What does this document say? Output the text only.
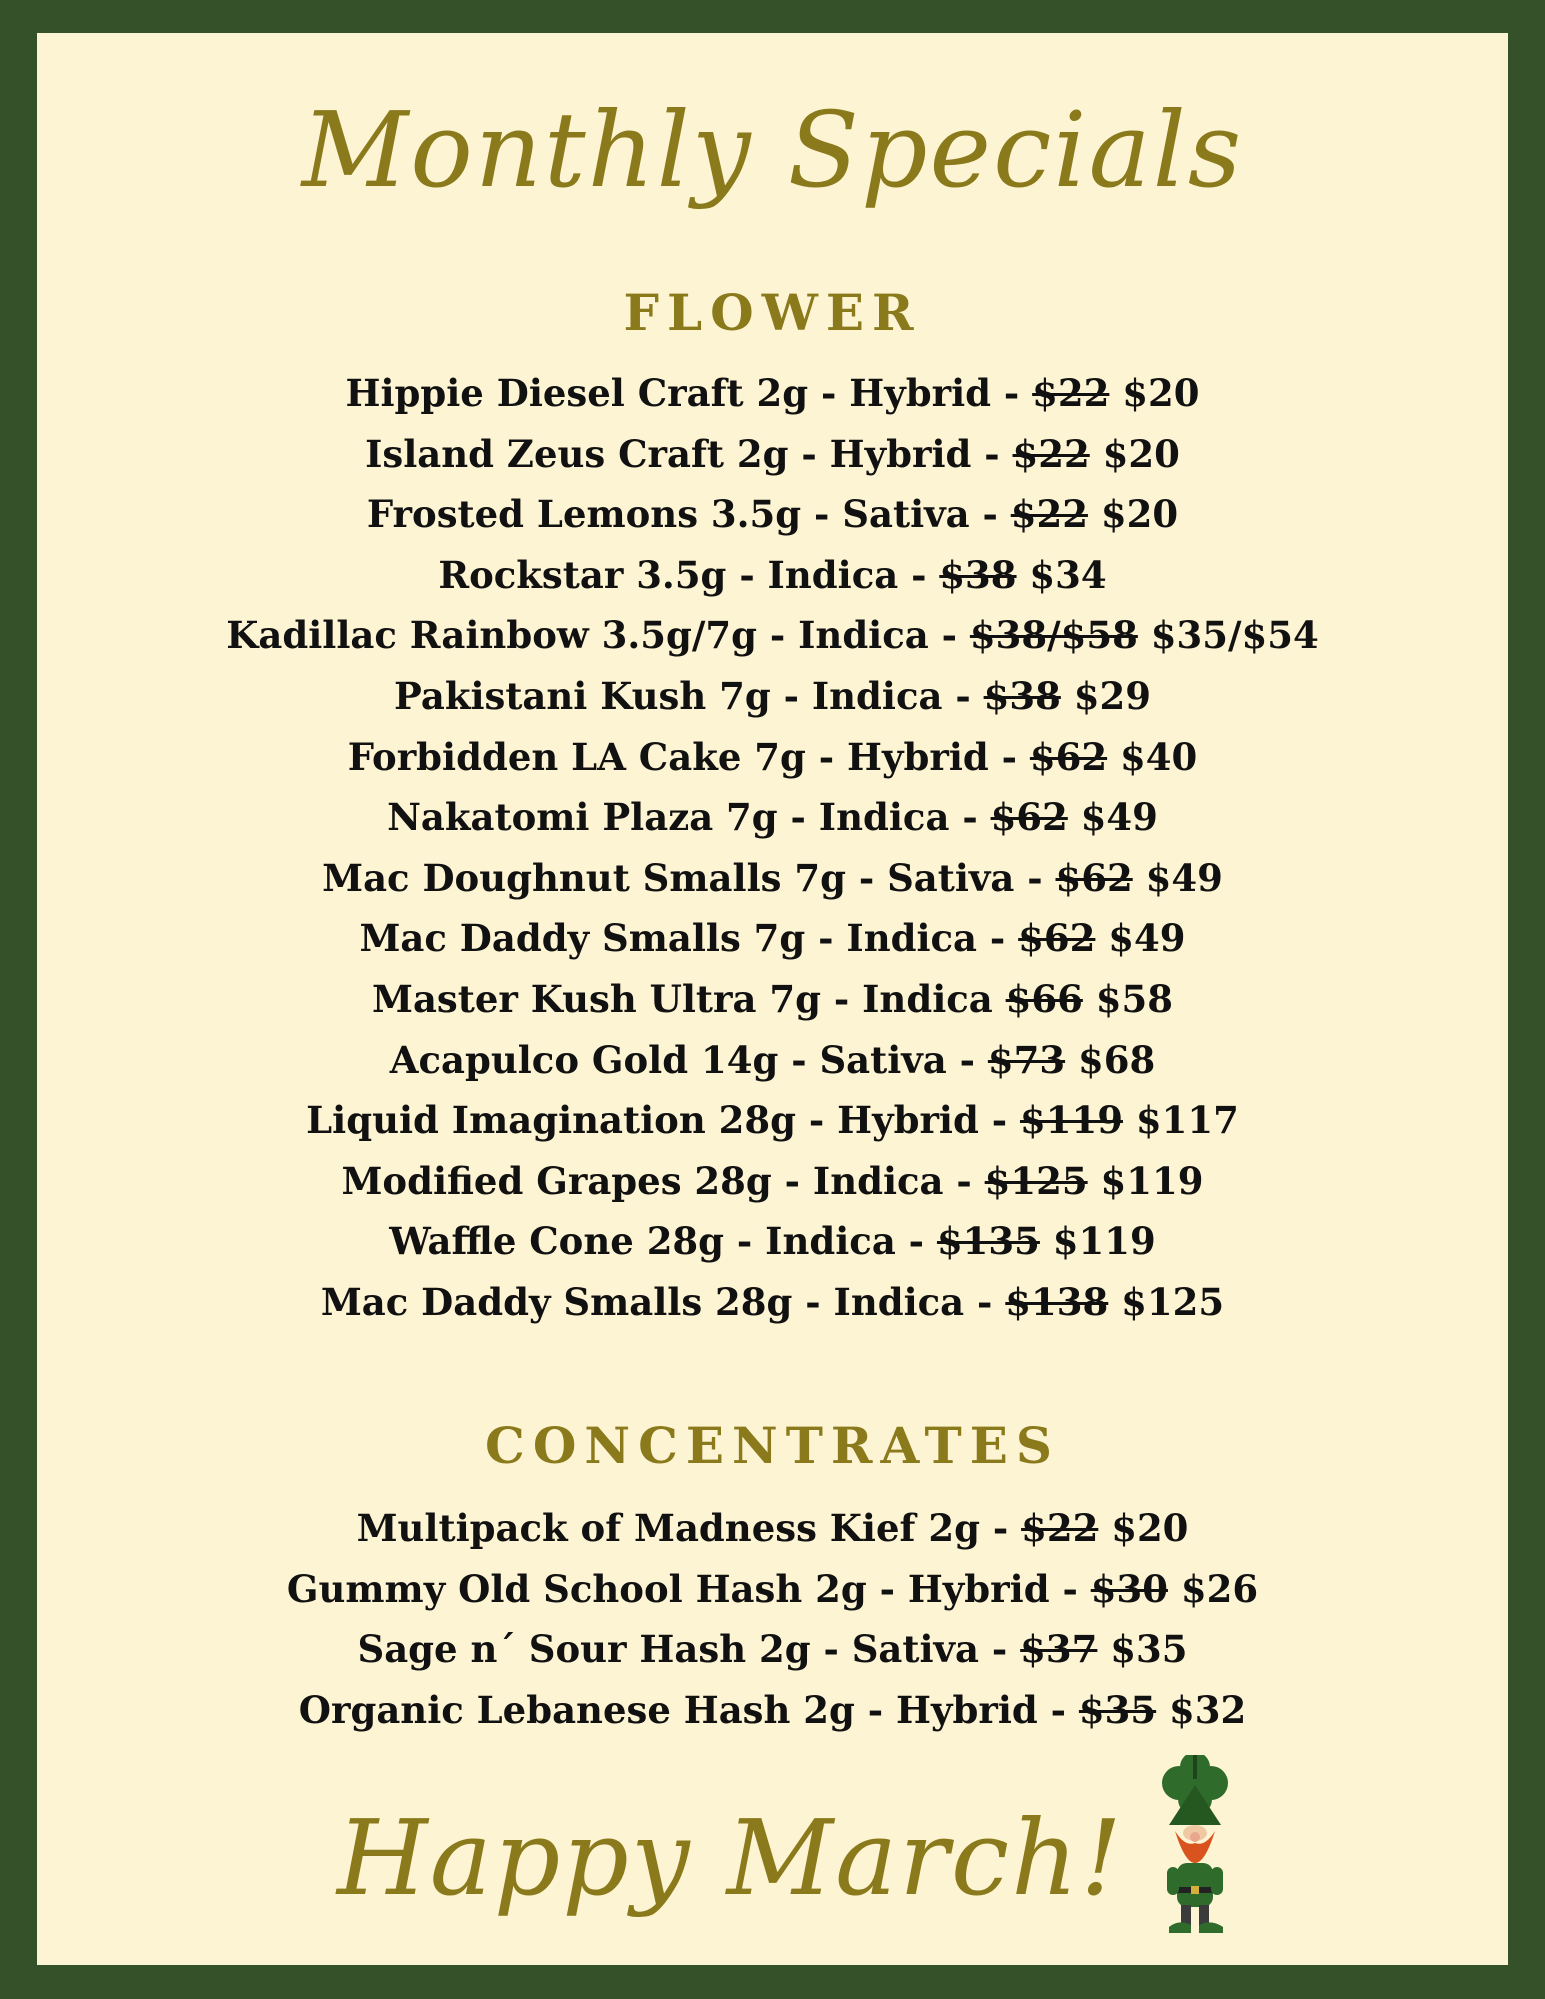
Monthly Specials
FLOWER
Hippie Diesel Craft 2g - Hybrid - $22 $20
Island Zeus Craft 2g - Hybrid - $22 $20
Frosted Lemons 3.5g - Sativa - $22 $20
Rockstar 3.5g - Indica - $38 $34
Kadillac Rainbow 3.5g/7g - Indica - $38/$58 $35/$54
Pakistani Kush 7g - Indica - $38 $29
Forbidden LA Cake 7g - Hybrid - $62 $40
Nakatomi Plaza 7g - Indica - $62 $49
Mac Doughnut Smalls 7g - Sativa - $62 $49
Mac Daddy Smalls 7g - Indica - $62 $49
Master Kush Ultra 7g - Indica $66 $58
Acapulco Gold 14g - Sativa - $73 $68
Liquid Imagination 28g - Hybrid - $119 $117
Modified Grapes 28g - Indica - $125 $119
Waffle Cone 28g - Indica - $135 $119
Mac Daddy Smalls 28g - Indica - $138 $125
CONCENTRATES
Multipack of Madness Kief 2g - $22 $20
Gummy Old School Hash 2g - Hybrid - $30 $26
Sage n´ Sour Hash 2g - Sativa - $37 $35
Organic Lebanese Hash 2g - Hybrid - $35 $32
Happy March!
